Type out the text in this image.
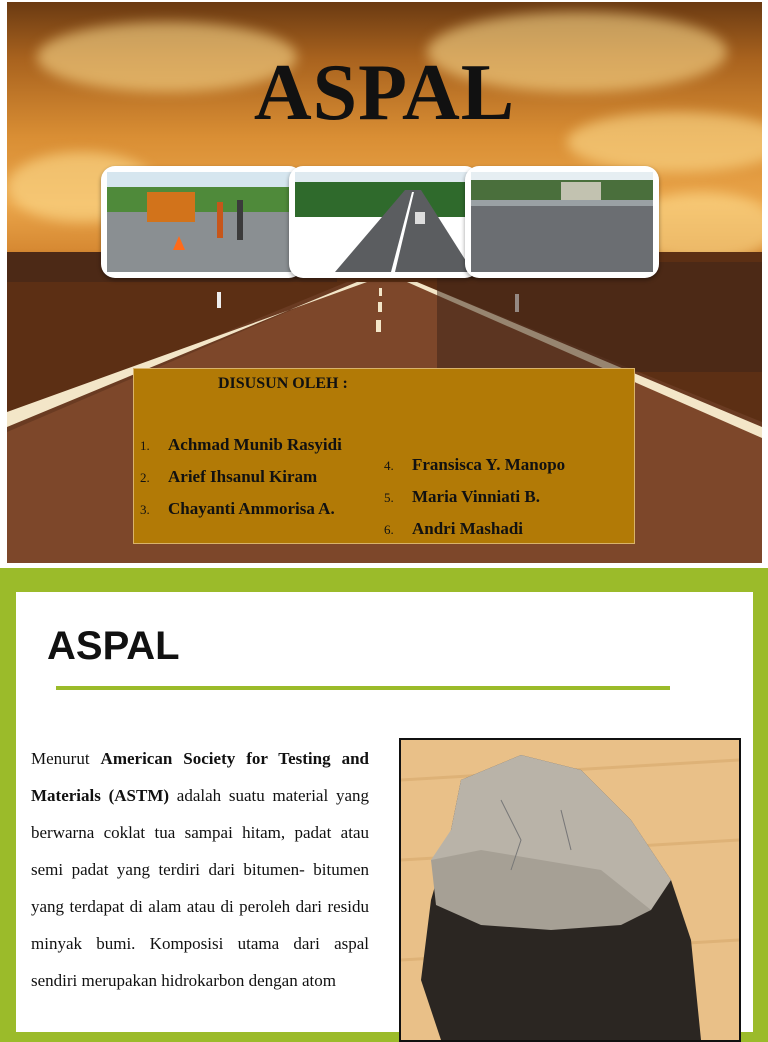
ASPAL
DISUSUN OLEH :
1. Achmad Munib Rasyidi
2. Arief Ihsanul Kiram
3. Chayanti Ammorisa A.
4. Fransisca Y. Manopo
5. Maria Vinniati B.
6. Andri Mashadi
ASPAL

Menurut American Society for Testing and Materials (ASTM) adalah suatu material yang berwarna coklat tua sampai hitam, padat atau semi padat yang terdiri dari bitumen- bitumen yang terdapat di alam atau di peroleh dari residu minyak bumi. Komposisi utama dari aspal sendiri merupakan hidrokarbon dengan atom
